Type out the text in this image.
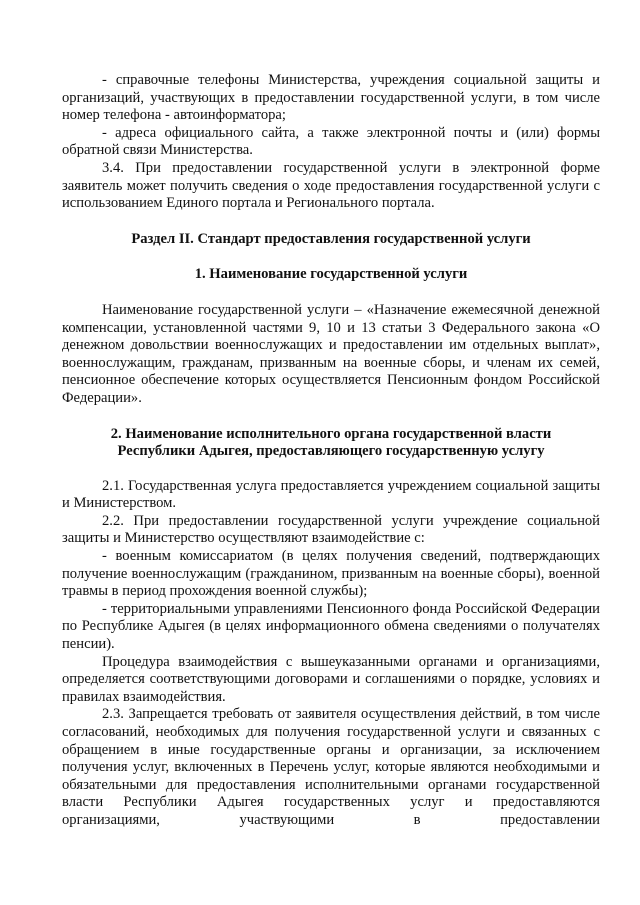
- справочные телефоны Министерства, учреждения социальной защиты и организаций, участвующих в предоставлении государственной услуги, в том числе номер телефона - автоинформатора;

- адреса официального сайта, а также электронной почты и (или) формы обратной связи Министерства.

3.4. При предоставлении государственной услуги в электронной форме заявитель может получить сведения о ходе предоставления государственной услуги с использованием Единого портала и Регионального портала.

Раздел II. Стандарт предоставления государственной услуги

1. Наименование государственной услуги

Наименование государственной услуги – «Назначение ежемесячной денежной компенсации, установленной частями 9, 10 и 13 статьи 3 Федерального закона «О денежном довольствии военнослужащих и предоставлении им отдельных выплат», военнослужащим, гражданам, призванным на военные сборы, и членам их семей, пенсионное обеспечение которых осуществляется Пенсионным фондом Российской Федерации».

2. Наименование исполнительного органа государственной власти

Республики Адыгея, предоставляющего государственную услугу

2.1. Государственная услуга предоставляется учреждением социальной защиты и Министерством.

2.2. При предоставлении государственной услуги учреждение социальной защиты и Министерство осуществляют взаимодействие с:

- военным комиссариатом (в целях получения сведений, подтверждающих получение военнослужащим (гражданином, призванным на военные сборы), военной травмы в период прохождения военной службы);

- территориальными управлениями Пенсионного фонда Российской Федерации по Республике Адыгея (в целях информационного обмена сведениями о получателях пенсии).

Процедура взаимодействия с вышеуказанными органами и организациями, определяется соответствующими договорами и соглашениями о порядке, условиях и правилах взаимодействия.

2.3. Запрещается требовать от заявителя осуществления действий, в том числе согласований, необходимых для получения государственной услуги и связанных с обращением в иные государственные органы и организации, за исключением получения услуг, включенных в Перечень услуг, которые являются необходимыми и обязательными для предоставления исполнительными органами государственной власти Республики Адыгея государственных услуг и предоставляются организациями, участвующими в предоставлении
